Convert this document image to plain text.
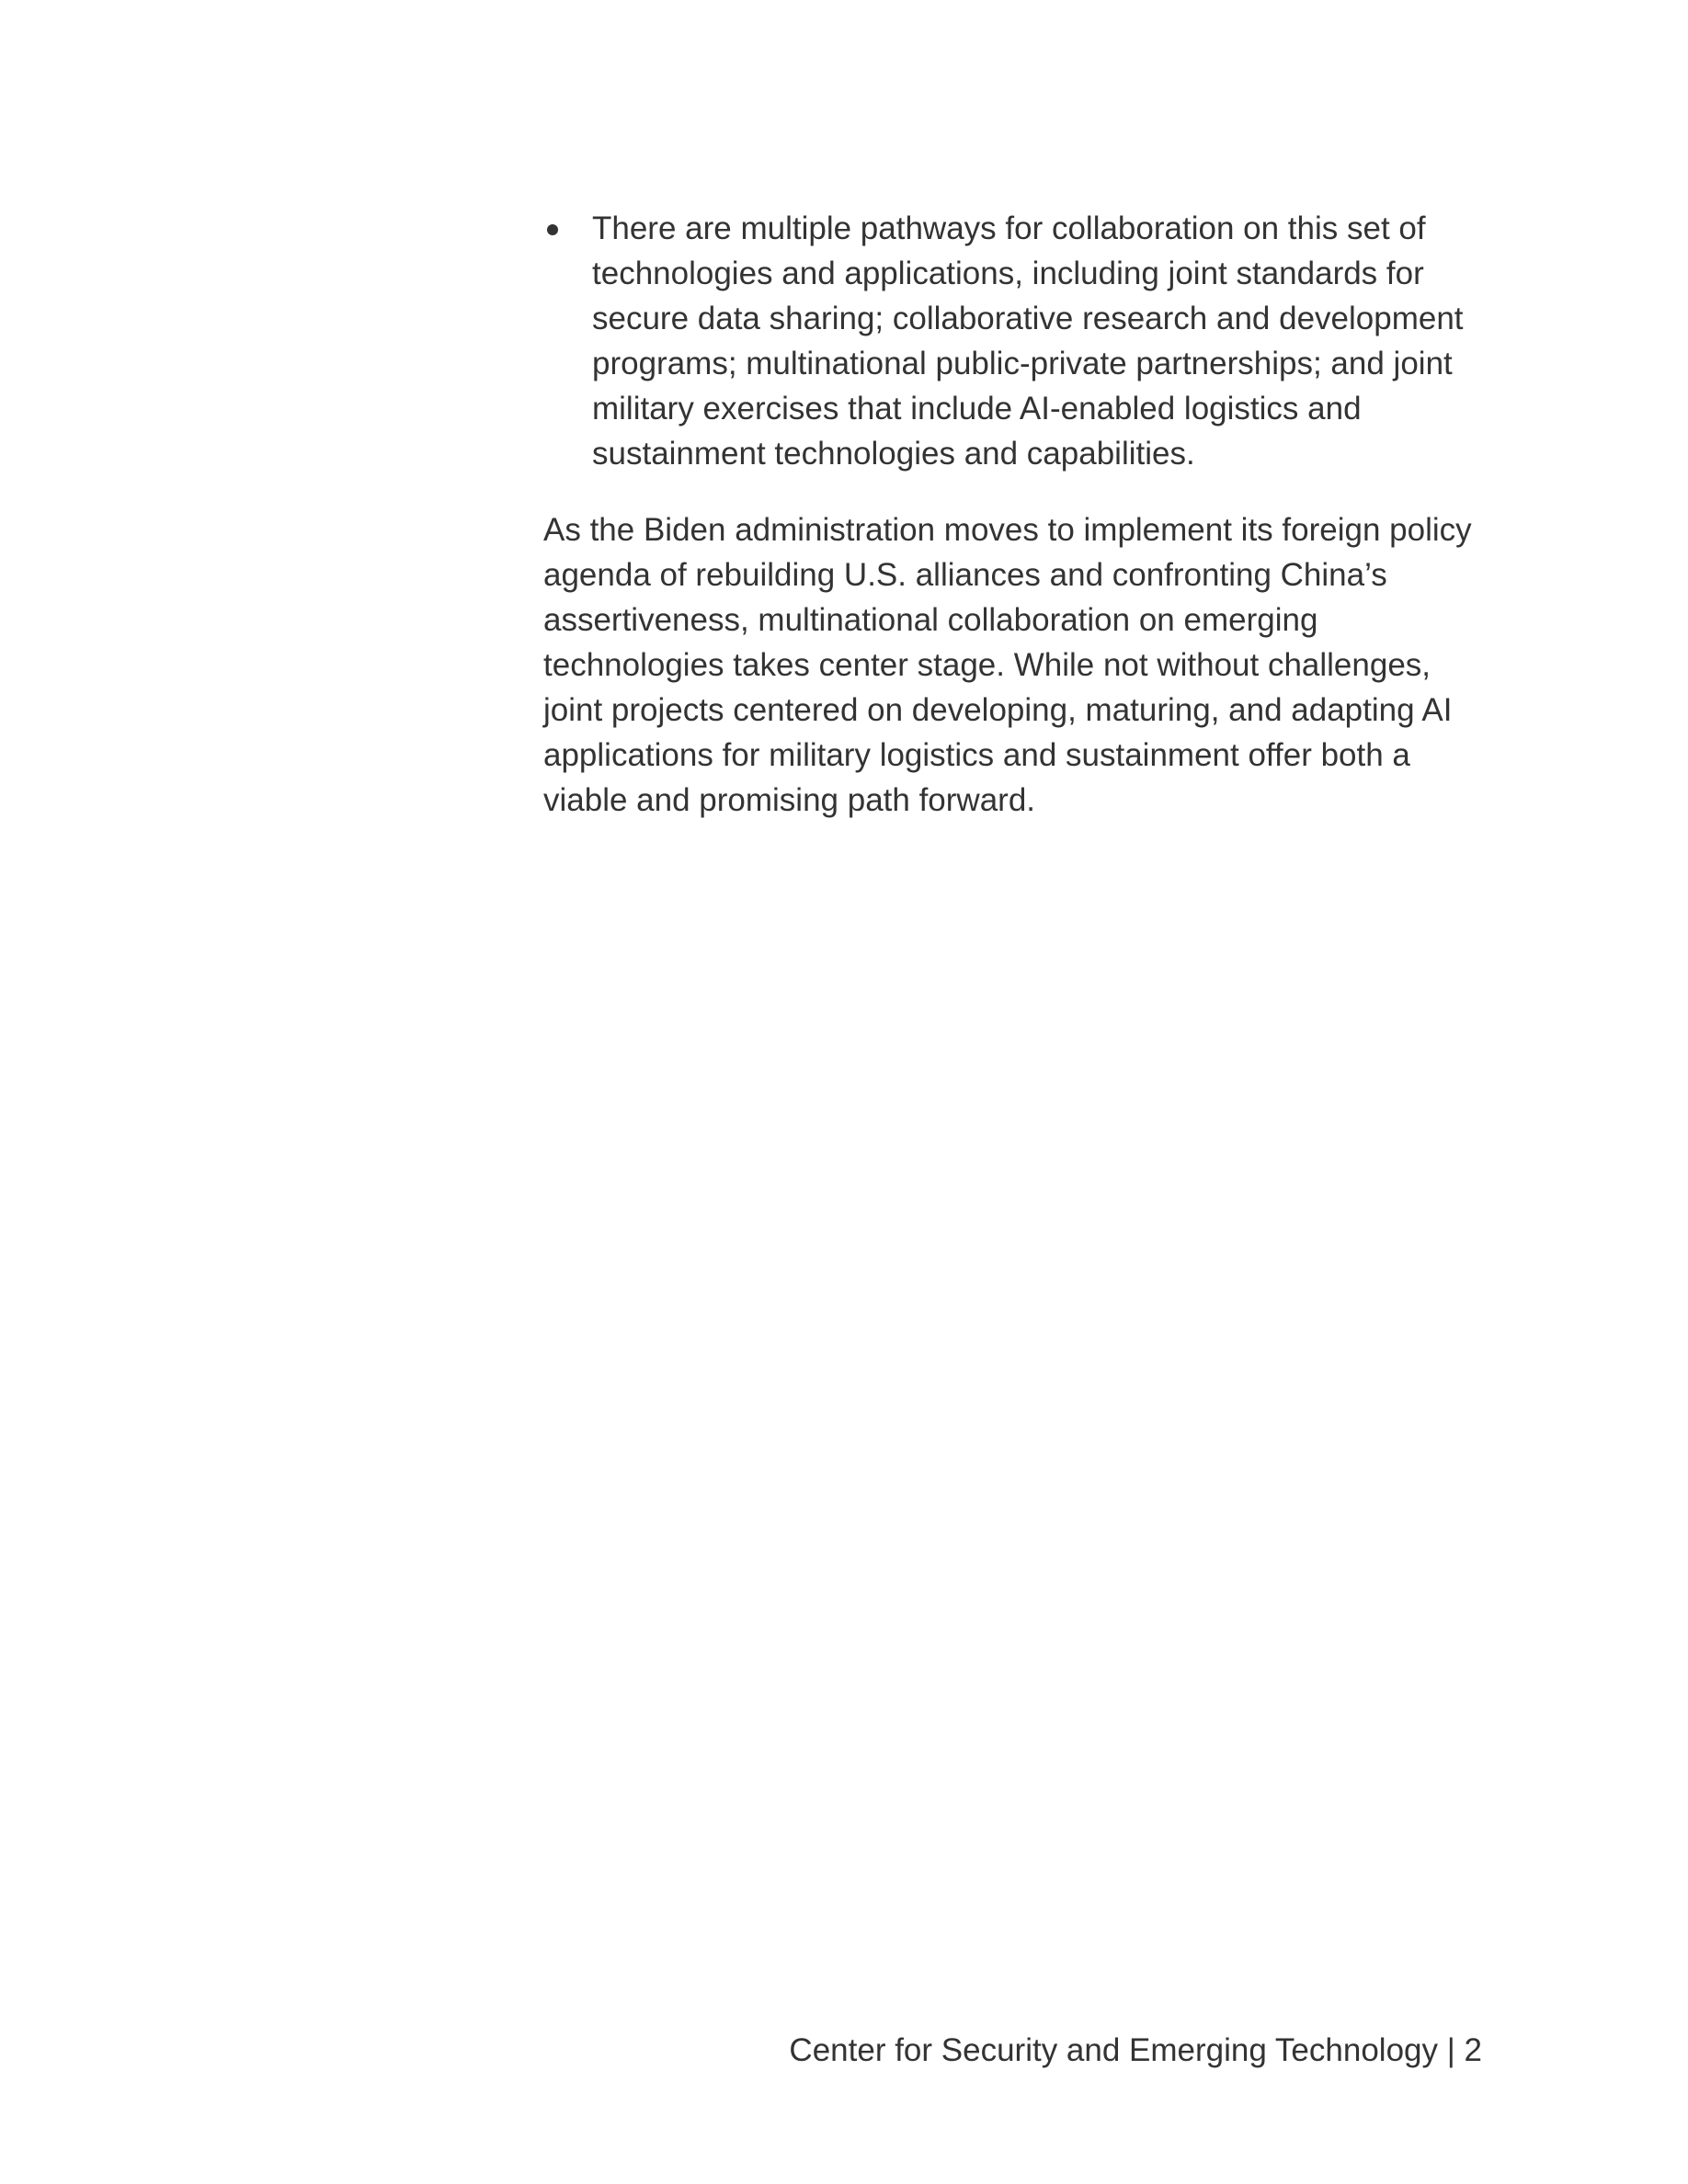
There are multiple pathways for collaboration on this set of technologies and applications, including joint standards for secure data sharing; collaborative research and development programs; multinational public-private partnerships; and joint military exercises that include AI-enabled logistics and sustainment technologies and capabilities.

As the Biden administration moves to implement its foreign policy agenda of rebuilding U.S. alliances and confronting China’s assertiveness, multinational collaboration on emerging technologies takes center stage. While not without challenges, joint projects centered on developing, maturing, and adapting AI applications for military logistics and sustainment offer both a viable and promising path forward.

Center for Security and Emerging Technology | 2
